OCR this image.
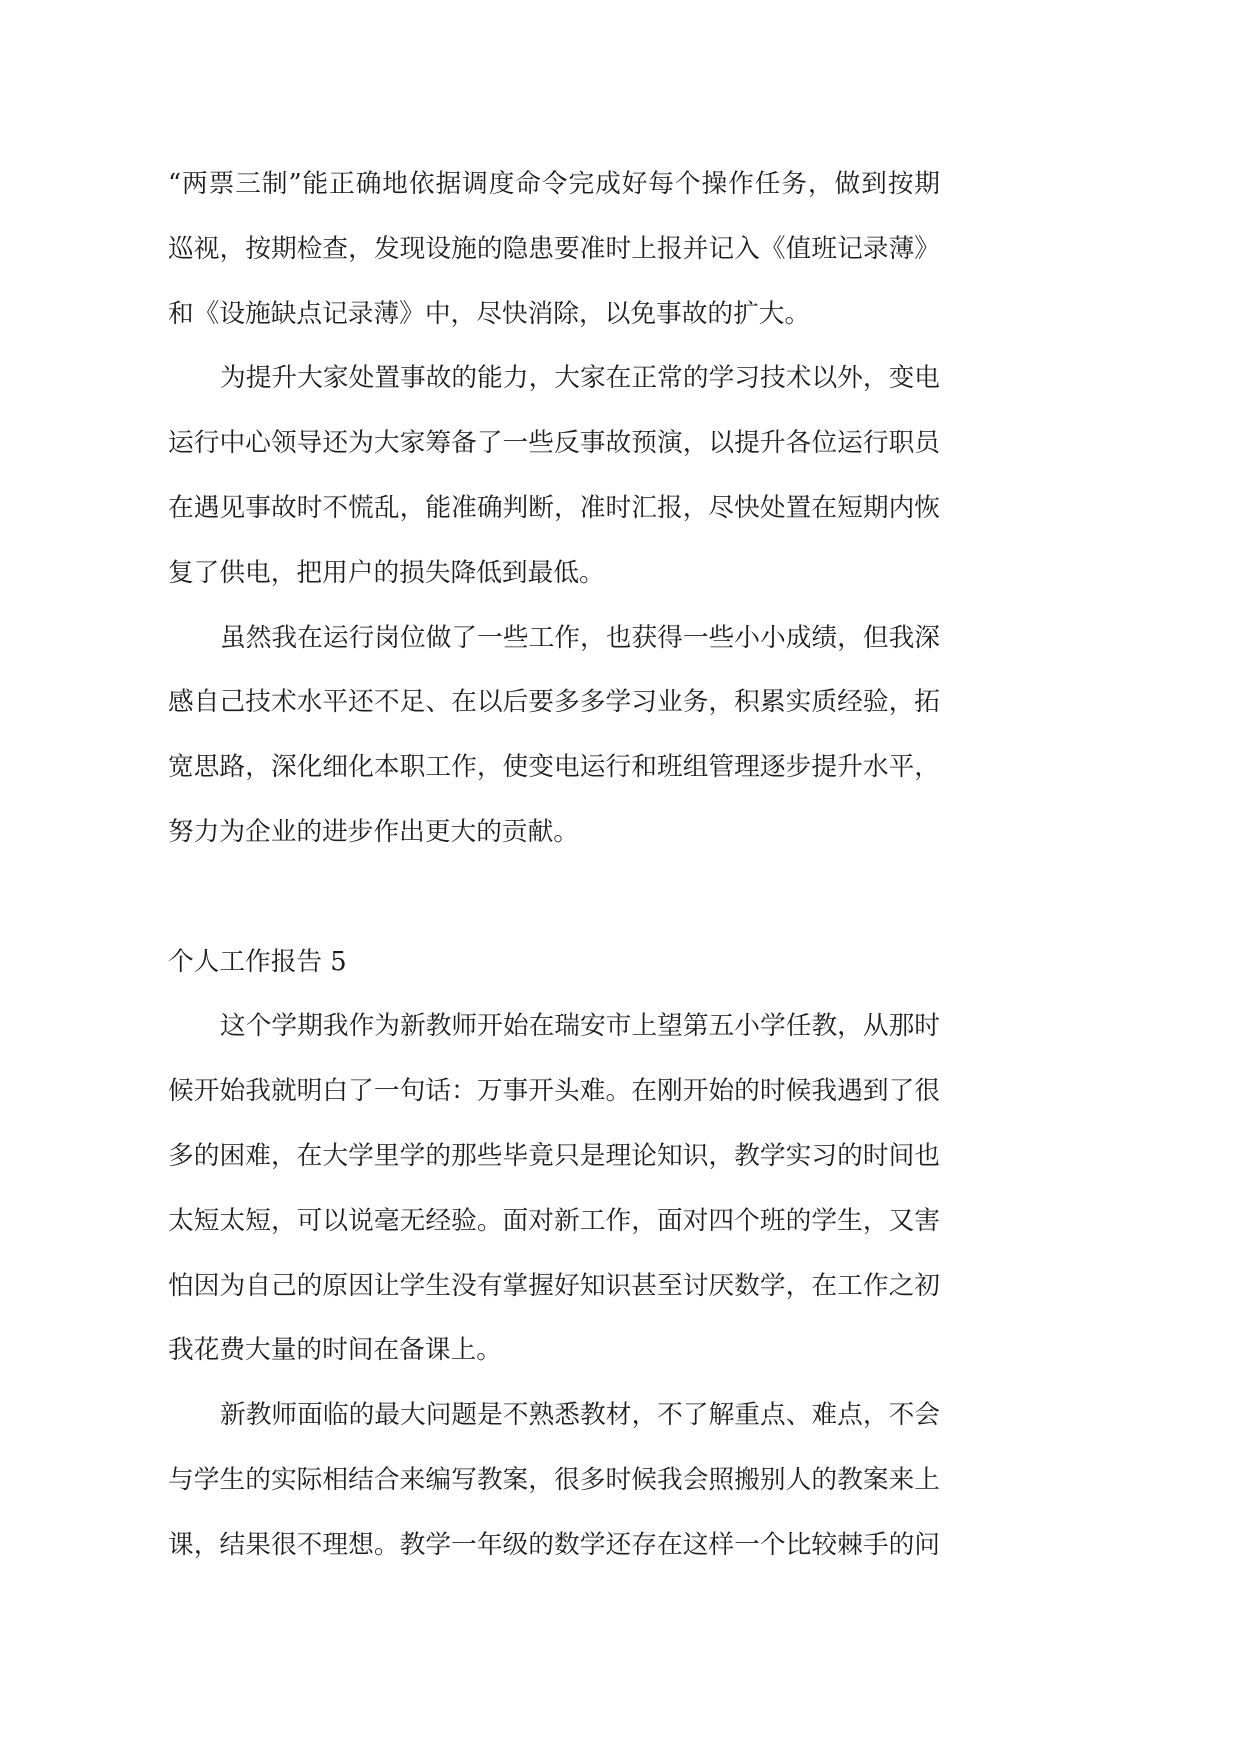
“两票三制”能正确地依据调度命令完成好每个操作任务，做到按期
巡视，按期检查，发现设施的隐患要准时上报并记入《值班记录薄》
和《设施缺点记录薄》中，尽快消除，以免事故的扩大。
为提升大家处置事故的能力，大家在正常的学习技术以外，变电
运行中心领导还为大家筹备了一些反事故预演，以提升各位运行职员
在遇见事故时不慌乱，能准确判断，准时汇报，尽快处置在短期内恢
复了供电，把用户的损失降低到最低。
虽然我在运行岗位做了一些工作，也获得一些小小成绩，但我深
感自己技术水平还不足、在以后要多多学习业务，积累实质经验，拓
宽思路，深化细化本职工作，使变电运行和班组管理逐步提升水平，
努力为企业的进步作出更大的贡献。
个人工作报告 5
这个学期我作为新教师开始在瑞安市上望第五小学任教，从那时
候开始我就明白了一句话：万事开头难。在刚开始的时候我遇到了很
多的困难，在大学里学的那些毕竟只是理论知识，教学实习的时间也
太短太短，可以说毫无经验。面对新工作，面对四个班的学生，又害
怕因为自己的原因让学生没有掌握好知识甚至讨厌数学，在工作之初
我花费大量的时间在备课上。
新教师面临的最大问题是不熟悉教材，不了解重点、难点，不会
与学生的实际相结合来编写教案，很多时候我会照搬别人的教案来上
课，结果很不理想。教学一年级的数学还存在这样一个比较棘手的问
